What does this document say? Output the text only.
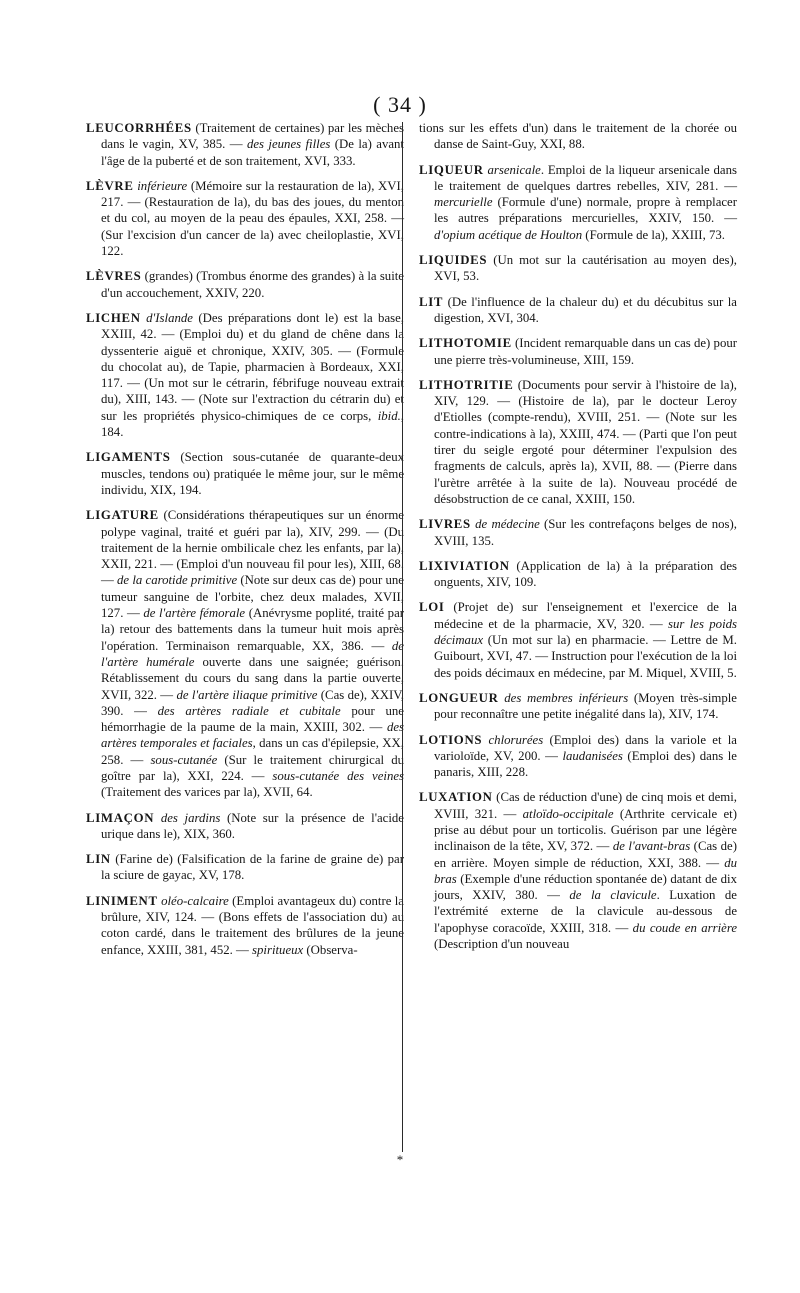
( 34 )

LEUCORRHÉES (Traitement de certaines) par les mèches dans le vagin, XV, 385. — des jeunes filles (De la) avant l'âge de la puberté et de son traitement, XVI, 333.

LÈVRE inférieure (Mémoire sur la restauration de la), XVI, 217. — (Restauration de la), du bas des joues, du menton et du col, au moyen de la peau des épaules, XXI, 258. — (Sur l'excision d'un cancer de la) avec cheiloplastie, XVI, 122.

LÈVRES (grandes) (Trombus énorme des grandes) à la suite d'un accouchement, XXIV, 220.

LICHEN d'Islande (Des préparations dont le) est la base, XXIII, 42. — (Emploi du) et du gland de chêne dans la dyssenterie aiguë et chronique, XXIV, 305. — (Formule du chocolat au), de Tapie, pharmacien à Bordeaux, XXI, 117. — (Un mot sur le cétrarin, fébrifuge nouveau extrait du), XIII, 143. — (Note sur l'extraction du cétrarin du) et sur les propriétés physico-chimiques de ce corps, ibid., 184.

LIGAMENTS (Section sous-cutanée de quarante-deux muscles, tendons ou) pratiquée le même jour, sur le même individu, XIX, 194.

LIGATURE (Considérations thérapeutiques sur un énorme polype vaginal, traité et guéri par la), XIV, 299. — (Du traitement de la hernie ombilicale chez les enfants, par la), XXII, 221. — (Emploi d'un nouveau fil pour les), XIII, 68. — de la carotide primitive (Note sur deux cas de) pour une tumeur sanguine de l'orbite, chez deux malades, XVII, 127. — de l'artère fémorale (Anévrysme poplité, traité par la) retour des battements dans la tumeur huit mois après l'opération. Terminaison remarquable, XX, 386. — de l'artère humérale ouverte dans une saignée; guérison. Rétablissement du cours du sang dans la partie ouverte, XVII, 322. — de l'artère iliaque primitive (Cas de), XXIV, 390. — des artères radiale et cubitale pour une hémorrhagie de la paume de la main, XXIII, 302. — des artères temporales et faciales, dans un cas d'épilepsie, XX, 258. — sous-cutanée (Sur le traitement chirurgical du goître par la), XXI, 224. — sous-cutanée des veines (Traitement des varices par la), XVII, 64.

LIMAÇON des jardins (Note sur la présence de l'acide urique dans le), XIX, 360.

LIN (Farine de) (Falsification de la farine de graine de) par la sciure de gayac, XV, 178.

LINIMENT oléo-calcaire (Emploi avantageux du) contre la brûlure, XIV, 124. — (Bons effets de l'association du) au coton cardé, dans le traitement des brûlures de la jeune enfance, XXIII, 381, 452. — spiritueux (Observa-

tions sur les effets d'un) dans le traitement de la chorée ou danse de Saint-Guy, XXI, 88.

LIQUEUR arsenicale. Emploi de la liqueur arsenicale dans le traitement de quelques dartres rebelles, XIV, 281. — mercurielle (Formule d'une) normale, propre à remplacer les autres préparations mercurielles, XXIV, 150. — d'opium acétique de Houlton (Formule de la), XXIII, 73.

LIQUIDES (Un mot sur la cautérisation au moyen des), XVI, 53.

LIT (De l'influence de la chaleur du) et du décubitus sur la digestion, XVI, 304.

LITHOTOMIE (Incident remarquable dans un cas de) pour une pierre très-volumineuse, XIII, 159.

LITHOTRITIE (Documents pour servir à l'histoire de la), XIV, 129. — (Histoire de la), par le docteur Leroy d'Etiolles (compte-rendu), XVIII, 251. — (Note sur les contre-indications à la), XXIII, 474. — (Parti que l'on peut tirer du seigle ergoté pour déterminer l'expulsion des fragments de calculs, après la), XVII, 88. — (Pierre dans l'urètre arrêtée à la suite de la). Nouveau procédé de désobstruction de ce canal, XXIII, 150.

LIVRES de médecine (Sur les contrefaçons belges de nos), XVIII, 135.

LIXIVIATION (Application de la) à la préparation des onguents, XIV, 109.

LOI (Projet de) sur l'enseignement et l'exercice de la médecine et de la pharmacie, XV, 320. — sur les poids décimaux (Un mot sur la) en pharmacie. — Lettre de M. Guibourt, XVI, 47. — Instruction pour l'exécution de la loi des poids décimaux en médecine, par M. Miquel, XVIII, 5.

LONGUEUR des membres inférieurs (Moyen très-simple pour reconnaître une petite inégalité dans la), XIV, 174.

LOTIONS chlorurées (Emploi des) dans la variole et la varioloïde, XV, 200. — laudanisées (Emploi des) dans le panaris, XIII, 228.

LUXATION (Cas de réduction d'une) de cinq mois et demi, XVIII, 321. — atloïdo-occipitale (Arthrite cervicale et) prise au début pour un torticolis. Guérison par une légère inclinaison de la tête, XV, 372. — de l'avant-bras (Cas de) en arrière. Moyen simple de réduction, XXI, 388. — du bras (Exemple d'une réduction spontanée de) datant de dix jours, XXIV, 380. — de la clavicule. Luxation de l'extrémité externe de la clavicule au-dessous de l'apophyse coracoïde, XXIII, 318. — du coude en arrière (Description d'un nouveau

*
